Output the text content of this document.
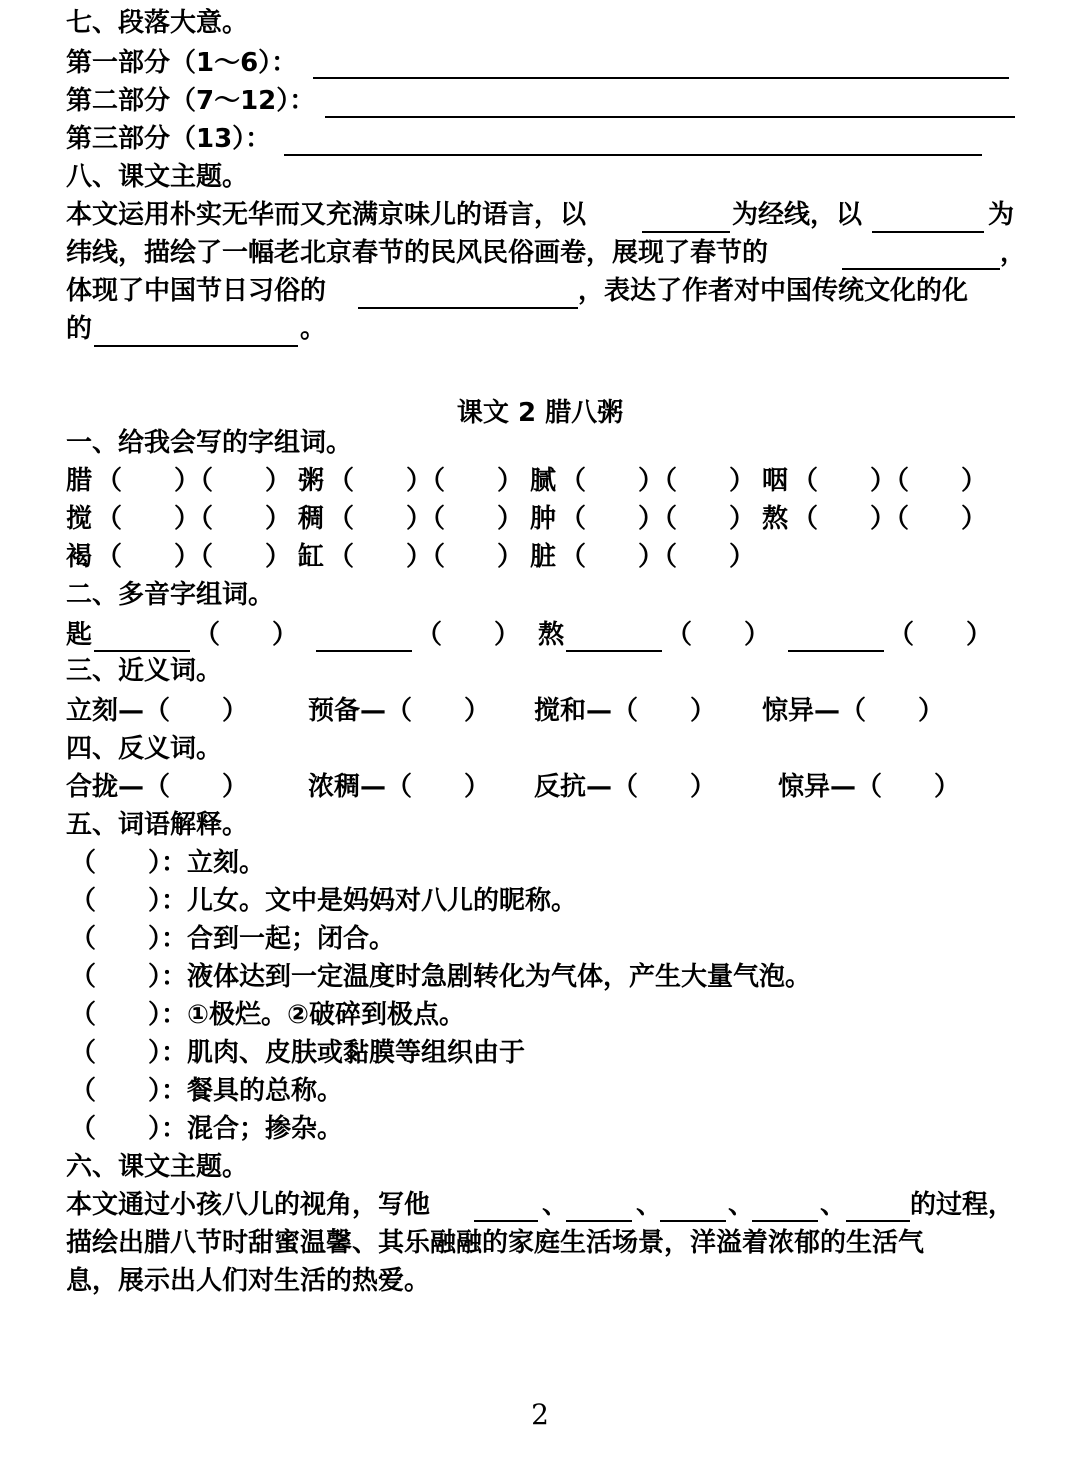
七、段落大意。
第一部分（1～6）：
第二部分（7～12）：
第三部分（13）：
八、课文主题。
本文运用朴实无华而又充满京味儿的语言，以	为经线，以	为
纬线，描绘了一幅老北京春节的民风民俗画卷，展现了春节的	，
体现了中国节日习俗的	，表达了作者对中国传统文化的化
的	。
课文 2 腊八粥
一、给我会写的字组词。
腊 （　　）（　　） 粥 （　　）（　　） 腻 （　　）（　　） 咽 （　　）（　　）
搅 （　　）（　　） 稠 （　　）（　　） 肿 （　　）（　　） 熬 （　　）（　　）
褐 （　　）（　　） 缸 （　　）（　　） 脏 （　　）（　　）
二、多音字组词。
匙	（　　）	（　　） 熬	（　　）	（　　）
三、近义词。
立刻—（　　） 预备—（　　） 搅和—（　　） 惊异—（　　）
四、反义词。
合拢—（　　） 浓稠—（　　） 反抗—（　　） 惊异—（　　）
五、词语解释。
（　　）：立刻。
（　　）：儿女。文中是妈妈对八儿的昵称。
（　　）：合到一起；闭合。
（　　）：液体达到一定温度时急剧转化为气体，产生大量气泡。
（　　）：①极烂。②破碎到极点。
（　　）：肌肉、皮肤或黏膜等组织由于
（　　）：餐具的总称。
（　　）：混合；掺杂。
六、课文主题。
本文通过小孩八儿的视角，写他	、	、	、	、 的过程，
描绘出腊八节时甜蜜温馨、其乐融融的家庭生活场景，洋溢着浓郁的生活气
息，展示出人们对生活的热爱。
2
